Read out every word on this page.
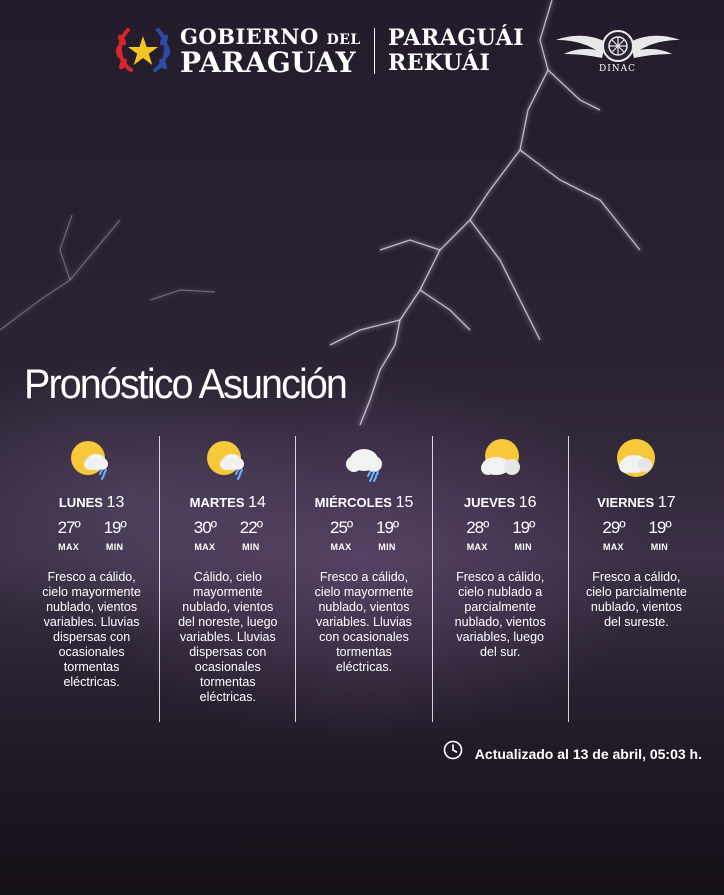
GOBIERNO DEL
PARAGUAY
PARAGUÁI
REKUÁI	DINAC
Pronóstico Asunción
LUNES 13
27º
MAX
19º
MIN
Fresco a cálido, cielo mayormente nublado, vientos variables. Lluvias dispersas con ocasionales tormentas eléctricas.
MARTES 14
30º
MAX
22º
MIN
Cálido, cielo mayormente nublado, vientos del noreste, luego variables. Lluvias dispersas con ocasionales tormentas eléctricas.
MIÉRCOLES 15
25º
MAX
19º
MIN
Fresco a cálido, cielo mayormente nublado, vientos variables. Lluvias con ocasionales tormentas eléctricas.
JUEVES 16
28º
MAX
19º
MIN
Fresco a cálido, cielo nublado a parcialmente nublado, vientos variables, luego del sur.
VIERNES 17
29º
MAX
19º
MIN
Fresco a cálido, cielo parcialmente nublado, vientos del sureste.
Actualizado al 13 de abril, 05:03 h.
